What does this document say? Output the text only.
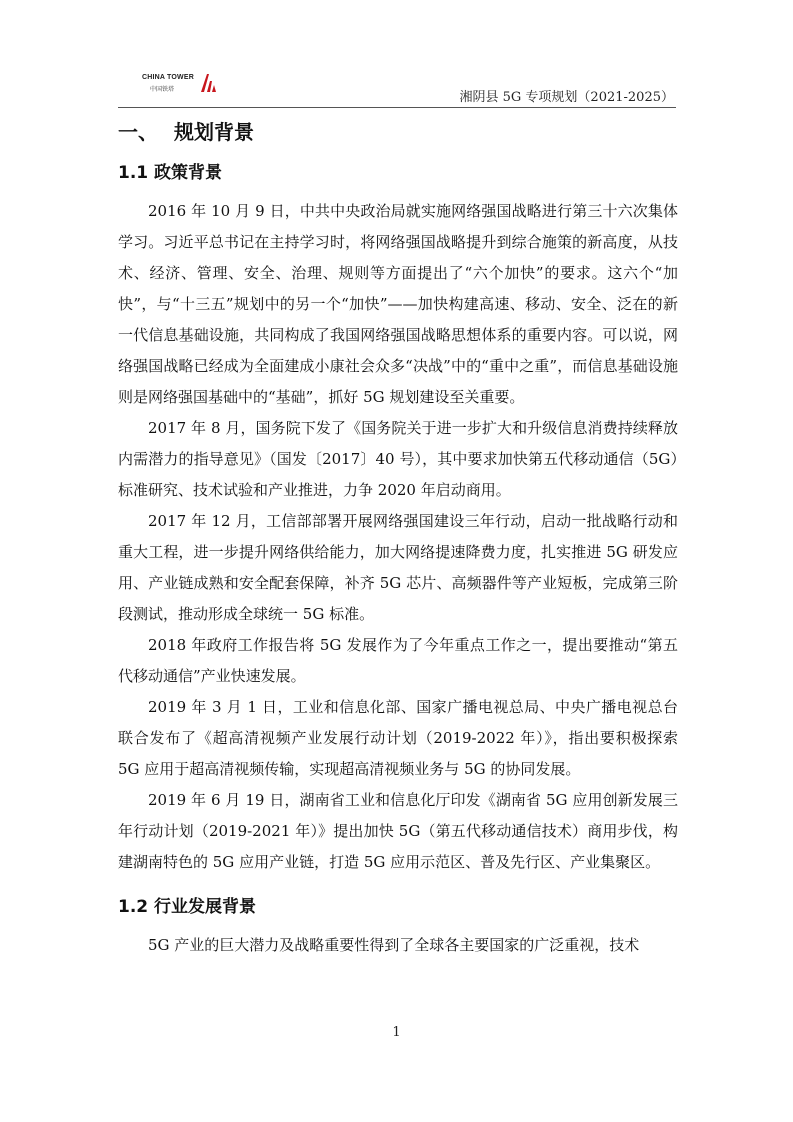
CHINA TOWER
中国铁塔
湘阴县 5G 专项规划（2021-2025）
一、 规划背景
1.1 政策背景

2016 年 10 月 9 日，中共中央政治局就实施网络强国战略进行第三十六次集体学习。习近平总书记在主持学习时，将网络强国战略提升到综合施策的新高度，从技术、经济、管理、安全、治理、规则等方面提出了“六个加快”的要求。这六个“加快”，与“十三五”规划中的另一个“加快”——加快构建高速、移动、安全、泛在的新一代信息基础设施，共同构成了我国网络强国战略思想体系的重要内容。可以说，网络强国战略已经成为全面建成小康社会众多“决战”中的“重中之重”，而信息基础设施则是网络强国基础中的“基础”，抓好 5G 规划建设至关重要。

2017 年 8 月，国务院下发了《国务院关于进一步扩大和升级信息消费持续释放内需潜力的指导意见》（国发〔2017〕40 号），其中要求加快第五代移动通信（5G）标准研究、技术试验和产业推进，力争 2020 年启动商用。

2017 年 12 月，工信部部署开展网络强国建设三年行动，启动一批战略行动和重大工程，进一步提升网络供给能力，加大网络提速降费力度，扎实推进 5G 研发应用、产业链成熟和安全配套保障，补齐 5G 芯片、高频器件等产业短板，完成第三阶段测试，推动形成全球统一 5G 标准。

2018 年政府工作报告将 5G 发展作为了今年重点工作之一，提出要推动“第五代移动通信”产业快速发展。

2019 年 3 月 1 日，工业和信息化部、国家广播电视总局、中央广播电视总台联合发布了《超高清视频产业发展行动计划（2019-2022 年）》，指出要积极探索 5G 应用于超高清视频传输，实现超高清视频业务与 5G 的协同发展。

2019 年 6 月 19 日，湖南省工业和信息化厅印发《湖南省 5G 应用创新发展三年行动计划（2019-2021 年）》提出加快 5G（第五代移动通信技术）商用步伐，构建湖南特色的 5G 应用产业链，打造 5G 应用示范区、普及先行区、产业集聚区。

1.2 行业发展背景

5G 产业的巨大潜力及战略重要性得到了全球各主要国家的广泛重视，技术

1
